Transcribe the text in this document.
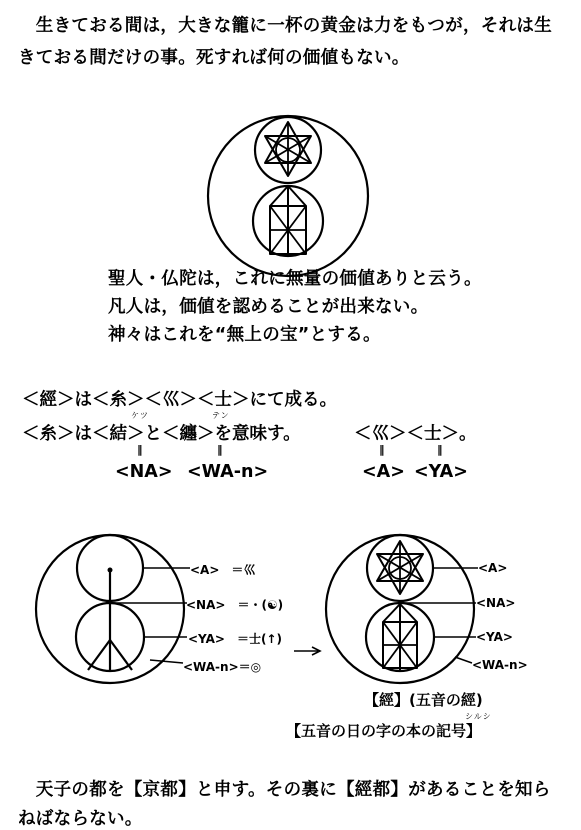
　生きておる間は，大きな籠に一杯の黄金は力をもつが，それは生
きておる間だけの事。死すれば何の価値もない。
聖人・仏陀は，これに無量の価値ありと云う。
凡人は，価値を認めることが出来ない。
神々はこれを“無上の宝”とする。
＜經＞は＜糸＞＜巛＞＜士＞にて成る。
ケツ	テン
＜糸＞は＜結＞と＜纏＞を意味す。	＜巛＞＜士＞。
‖	‖	‖	‖
<NA> <WA-n>	<A> <YA>
<A>　＝巛
<NA>　＝・(☯)
<YA>　＝士(↑)
<WA-n>＝◎
<A>
<NA>
<YA>
<WA-n>
【經】(五音の經)
シルシ
【五音の日の字の本の記号】
　天子の都を【京都】と申す。その裏に【經都】があることを知ら
ねばならない。
